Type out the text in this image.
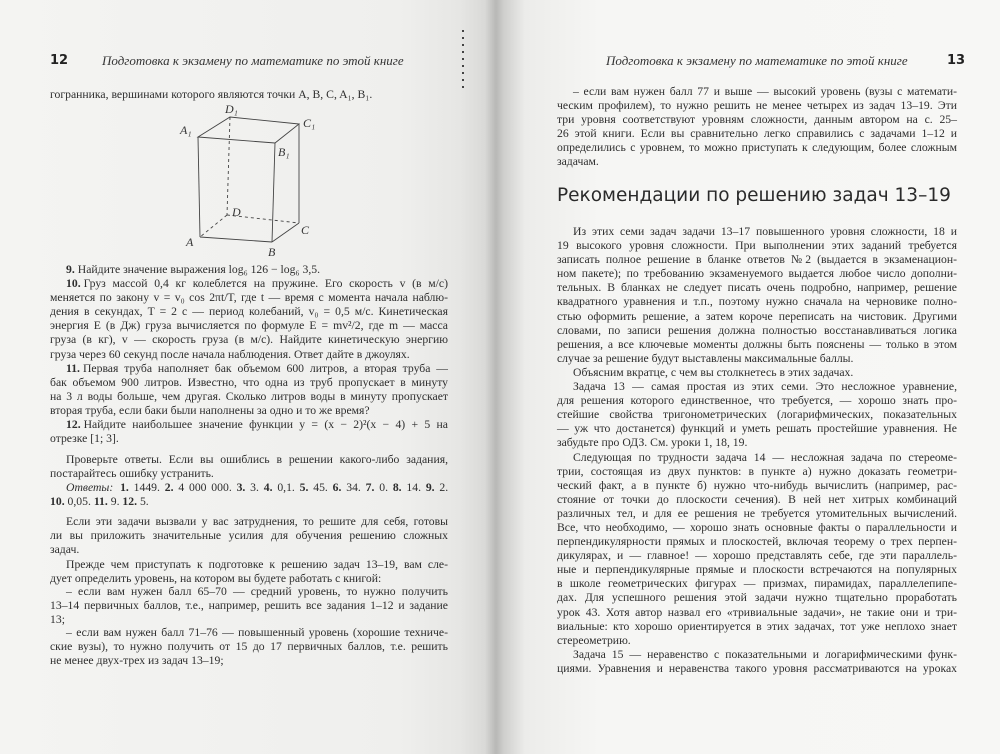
12	Подготовка к экзамену по математике по этой книге
гогранника, вершинами которого являются точки A, B, C, A₁, B₁.
A₁
D₁
C₁
B₁
D
C
A
B
9. Найдите значение выражения log₆ 126 − log₆ 3,5.
10. Груз массой 0,4 кг колеблется на пружине. Его скорость v (в м/с)
меняется по закону v = v₀ cos 2πt/T, где t — время с момента начала наблю-
дения в секундах, T = 2 с — период колебаний, v₀ = 0,5 м/с. Кинетическая
энергия E (в Дж) груза вычисляется по формуле E = mv²/2, где m — масса
груза (в кг), v — скорость груза (в м/с). Найдите кинетическую энергию
груза через 60 секунд после начала наблюдения. Ответ дайте в джоулях.
11. Первая труба наполняет бак объемом 600 литров, а вторая труба —
бак объемом 900 литров. Известно, что одна из труб пропускает в минуту
на 3 л воды больше, чем другая. Сколько литров воды в минуту пропускает
вторая труба, если баки были наполнены за одно и то же время?
12. Найдите наибольшее значение функции y = (x − 2)²(x − 4) + 5 на
отрезке [1; 3].
Проверьте ответы. Если вы ошиблись в решении какого-либо задания,
постарайтесь ошибку устранить.
Ответы: 1. 1449. 2. 4 000 000. 3. 3. 4. 0,1. 5. 45. 6. 34. 7. 0. 8. 14. 9. 2.
10. 0,05. 11. 9. 12. 5.
Если эти задачи вызвали у вас затруднения, то решите для себя, готовы
ли вы приложить значительные усилия для обучения решению сложных
задач.
Прежде чем приступать к подготовке к решению задач 13–19, вам сле-
дует определить уровень, на котором вы будете работать с книгой:
– если вам нужен балл 65–70 — средний уровень, то нужно получить
13–14 первичных баллов, т.е., например, решить все задания 1–12 и задание
13;
– если вам нужен балл 71–76 — повышенный уровень (хорошие техниче-
ские вузы), то нужно получить от 15 до 17 первичных баллов, т.е. решить
не менее двух-трех из задач 13–19;
Подготовка к экзамену по математике по этой книге	13
– если вам нужен балл 77 и выше — высокий уровень (вузы с математи-
ческим профилем), то нужно решить не менее четырех из задач 13–19. Эти
три уровня соответствуют уровням сложности, данным автором на с. 25–
26 этой книги. Если вы сравнительно легко справились с задачами 1–12 и
определились с уровнем, то можно приступать к следующим, более сложным
задачам.
Рекомендации по решению задач 13–19
Из этих семи задач задачи 13–17 повышенного уровня сложности, 18 и
19 высокого уровня сложности. При выполнении этих заданий требуется
записать полное решение в бланке ответов №2 (выдается в экзаменацион-
ном пакете); по требованию экзаменуемого выдается любое число дополни-
тельных. В бланках не следует писать очень подробно, например, решение
квадратного уравнения и т.п., поэтому нужно сначала на черновике полно-
стью оформить решение, а затем короче переписать на чистовик. Другими
словами, по записи решения должна полностью восстанавливаться логика
решения, а все ключевые моменты должны быть пояснены — только в этом
случае за решение будут выставлены максимальные баллы.
Объясним вкратце, с чем вы столкнетесь в этих задачах.
Задача 13 — самая простая из этих семи. Это несложное уравнение,
для решения которого единственное, что требуется, — хорошо знать про-
стейшие свойства тригонометрических (логарифмических, показательных
— уж что достанется) функций и уметь решать простейшие уравнения. Не
забудьте про ОДЗ. См. уроки 1, 18, 19.
Следующая по трудности задача 14 — несложная задача по стереоме-
трии, состоящая из двух пунктов: в пункте а) нужно доказать геометри-
ческий факт, а в пункте б) нужно что-нибудь вычислить (например, рас-
стояние от точки до плоскости сечения). В ней нет хитрых комбинаций
различных тел, и для ее решения не требуется утомительных вычислений.
Все, что необходимо, — хорошо знать основные факты о параллельности и
перпендикулярности прямых и плоскостей, включая теорему о трех перпен-
дикулярах, и — главное! — хорошо представлять себе, где эти параллель-
ные и перпендикулярные прямые и плоскости встречаются на популярных
в школе геометрических фигурах — призмах, пирамидах, параллелепипе-
дах. Для успешного решения этой задачи нужно тщательно проработать
урок 43. Хотя автор назвал его «тривиальные задачи», не такие они и три-
виальные: кто хорошо ориентируется в этих задачах, тот уже неплохо знает
стереометрию.
Задача 15 — неравенство с показательными и логарифмическими функ-
циями. Уравнения и неравенства такого уровня рассматриваются на уроках
